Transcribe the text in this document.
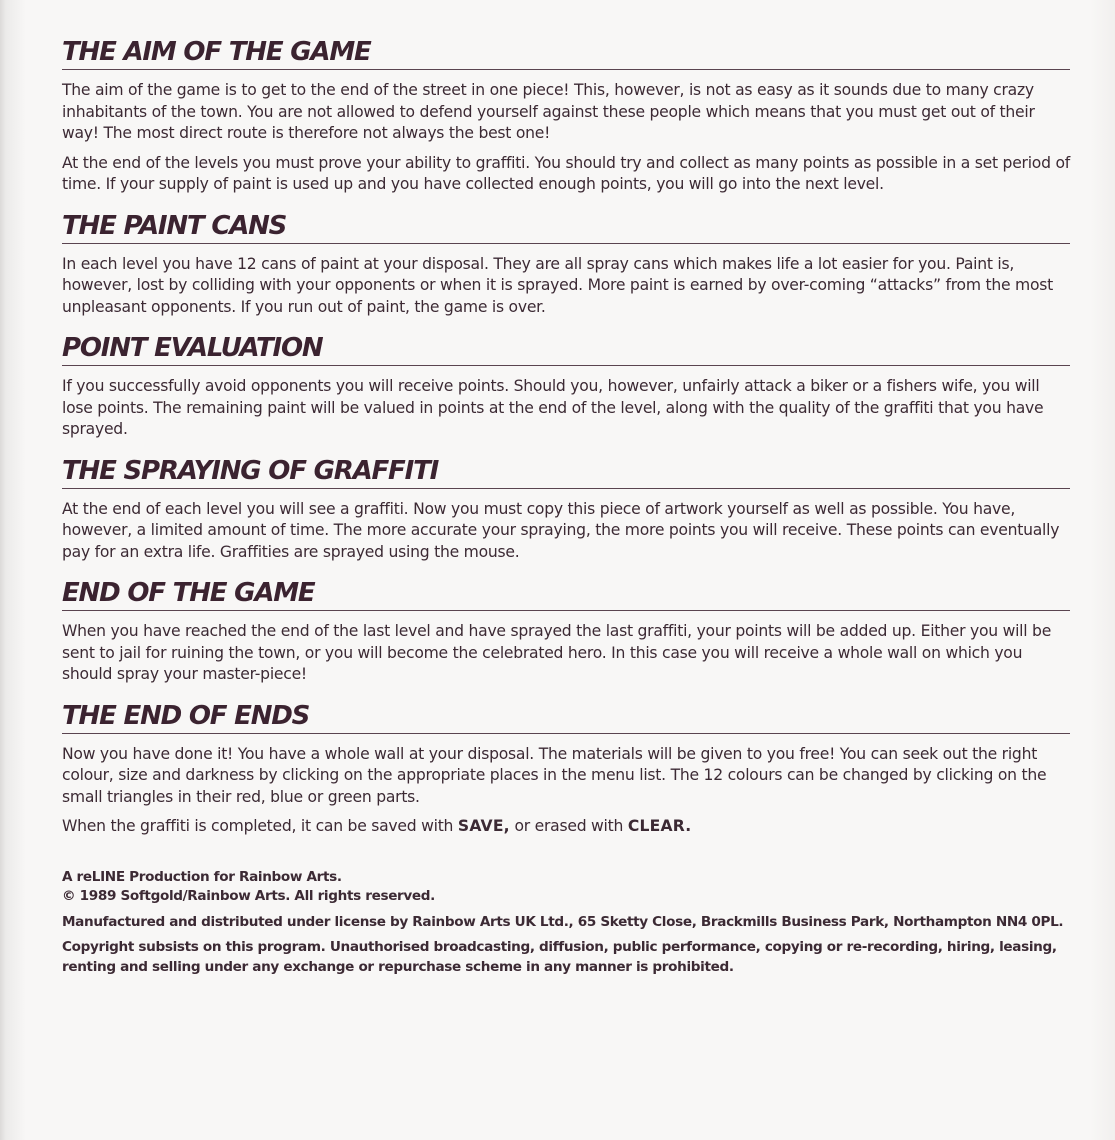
THE AIM OF THE GAME

The aim of the game is to get to the end of the street in one piece! This, however, is not as easy as it sounds due to many crazy inhabitants of the town. You are not allowed to defend yourself against these people which means that you must get out of their way! The most direct route is therefore not always the best one!

At the end of the levels you must prove your ability to graffiti. You should try and collect as many points as possible in a set period of time. If your supply of paint is used up and you have collected enough points, you will go into the next level.

THE PAINT CANS

In each level you have 12 cans of paint at your disposal. They are all spray cans which makes life a lot easier for you. Paint is, however, lost by colliding with your opponents or when it is sprayed. More paint is earned by over-coming “attacks” from the most unpleasant opponents. If you run out of paint, the game is over.

POINT EVALUATION

If you successfully avoid opponents you will receive points. Should you, however, unfairly attack a biker or a fishers wife, you will lose points. The remaining paint will be valued in points at the end of the level, along with the quality of the graffiti that you have sprayed.

THE SPRAYING OF GRAFFITI

At the end of each level you will see a graffiti. Now you must copy this piece of artwork yourself as well as possible. You have, however, a limited amount of time. The more accurate your spraying, the more points you will receive. These points can eventually pay for an extra life. Graffities are sprayed using the mouse.

END OF THE GAME

When you have reached the end of the last level and have sprayed the last graffiti, your points will be added up. Either you will be sent to jail for ruining the town, or you will become the celebrated hero. In this case you will receive a whole wall on which you should spray your master-piece!

THE END OF ENDS

Now you have done it! You have a whole wall at your disposal. The materials will be given to you free! You can seek out the right colour, size and darkness by clicking on the appropriate places in the menu list. The 12 colours can be changed by clicking on the small triangles in their red, blue or green parts.

When the graffiti is completed, it can be saved with SAVE, or erased with CLEAR.

A reLINE Production for Rainbow Arts.
© 1989 Softgold/Rainbow Arts. All rights reserved.

Manufactured and distributed under license by Rainbow Arts UK Ltd., 65 Sketty Close, Brackmills Business Park, Northampton NN4 0PL.

Copyright subsists on this program. Unauthorised broadcasting, diffusion, public performance, copying or re-recording, hiring, leasing, renting and selling under any exchange or repurchase scheme in any manner is prohibited.
